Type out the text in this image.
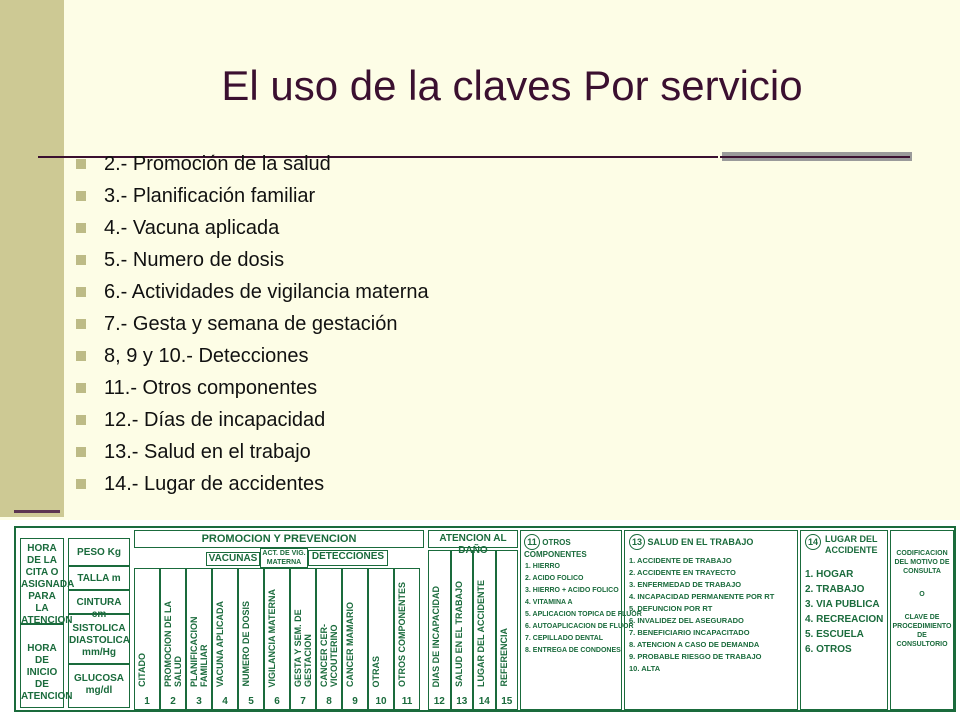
El uso de la claves Por servicio
2.- Promoción de la salud
3.- Planificación familiar
4.- Vacuna aplicada
5.- Numero de dosis
6.- Actividades de vigilancia materna
7.- Gesta y semana de gestación
8, 9 y 10.- Detecciones
11.- Otros componentes
12.- Días de incapacidad
13.- Salud en el trabajo
14.- Lugar de accidentes
HORA DE LA CITA O ASIGNADA PARA LA ATENCION
HORA DE INICIO DE ATENCION
PESO Kg
TALLA m
CINTURA cm
SISTOLICA DIASTOLICA mm/Hg
GLUCOSA mg/dl
PROMOCION Y PREVENCION
VACUNAS ACT. DE VIG. MATERNA
DETECCIONES
CITADO
1
PROMOCION DE LA SALUD
2
PLANIFICACION FAMILIAR
3
VACUNA APLICADA
4
NUMERO DE DOSIS
5
VIGILANCIA MATERNA
6
GESTA Y SEM. DE GESTACION
7
CANCER CER-VICOUTERINO
8
CANCER MAMARIO
9
OTRAS
10
OTROS COMPONENTES
11
ATENCION AL DAÑO
DIAS DE INCAPACIDAD
12
SALUD EN EL TRABAJO
13
LUGAR DEL ACCIDENTE
14
REFERENCIA
15
11 OTROS COMPONENTES
1. HIERRO
2. ACIDO FOLICO
3. HIERRO + ACIDO FOLICO
4. VITAMINA A
5. APLICACION TOPICA DE FLUOR
6. AUTOAPLICACION DE FLUOR
7. CEPILLADO DENTAL
8. ENTREGA DE CONDONES
13 SALUD EN EL TRABAJO
1. ACCIDENTE DE TRABAJO
2. ACCIDENTE EN TRAYECTO
3. ENFERMEDAD DE TRABAJO
4. INCAPACIDAD PERMANENTE POR RT
5. DEFUNCION POR RT
6. INVALIDEZ DEL ASEGURADO
7. BENEFICIARIO INCAPACITADO
8. ATENCION A CASO DE DEMANDA
9. PROBABLE RIESGO DE TRABAJO
10. ALTA
14 LUGAR DEL ACCIDENTE
1. HOGAR
2. TRABAJO
3. VIA PUBLICA
4. RECREACION
5. ESCUELA
6. OTROS
CODIFICACION DEL MOTIVO DE CONSULTA
O
CLAVE DE PROCEDIMIENTO DE CONSULTORIO
